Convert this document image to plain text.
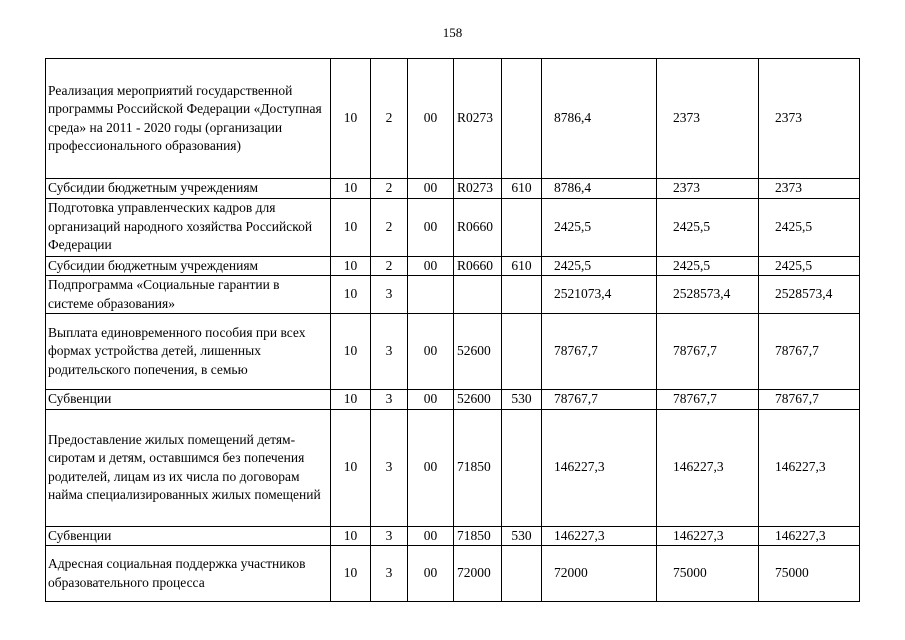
158
Реализация мероприятий государственной программы Российской Федерации «Доступная среда» на 2011 - 2020 годы (организации профессионального образования)	10	2	00	R0273		8786,4	2373	2373
Субсидии бюджетным учреждениям	10	2	00	R0273	610	8786,4	2373	2373
Подготовка управленческих кадров для организаций народного хозяйства Российской Федерации	10	2	00	R0660		2425,5	2425,5	2425,5
Субсидии бюджетным учреждениям	10	2	00	R0660	610	2425,5	2425,5	2425,5
Подпрограмма «Социальные гарантии в системе образования»	10	3				2521073,4	2528573,4	2528573,4
Выплата единовременного пособия при всех формах устройства детей, лишенных родительского попечения, в семью	10	3	00	52600		78767,7	78767,7	78767,7
Субвенции	10	3	00	52600	530	78767,7	78767,7	78767,7
Предоставление жилых помещений детям-сиротам и детям, оставшимся без попечения родителей, лицам из их числа по договорам найма специализированных жилых помещений	10	3	00	71850		146227,3	146227,3	146227,3
Субвенции	10	3	00	71850	530	146227,3	146227,3	146227,3
Адресная социальная поддержка участников образовательного процесса	10	3	00	72000		72000	75000	75000
